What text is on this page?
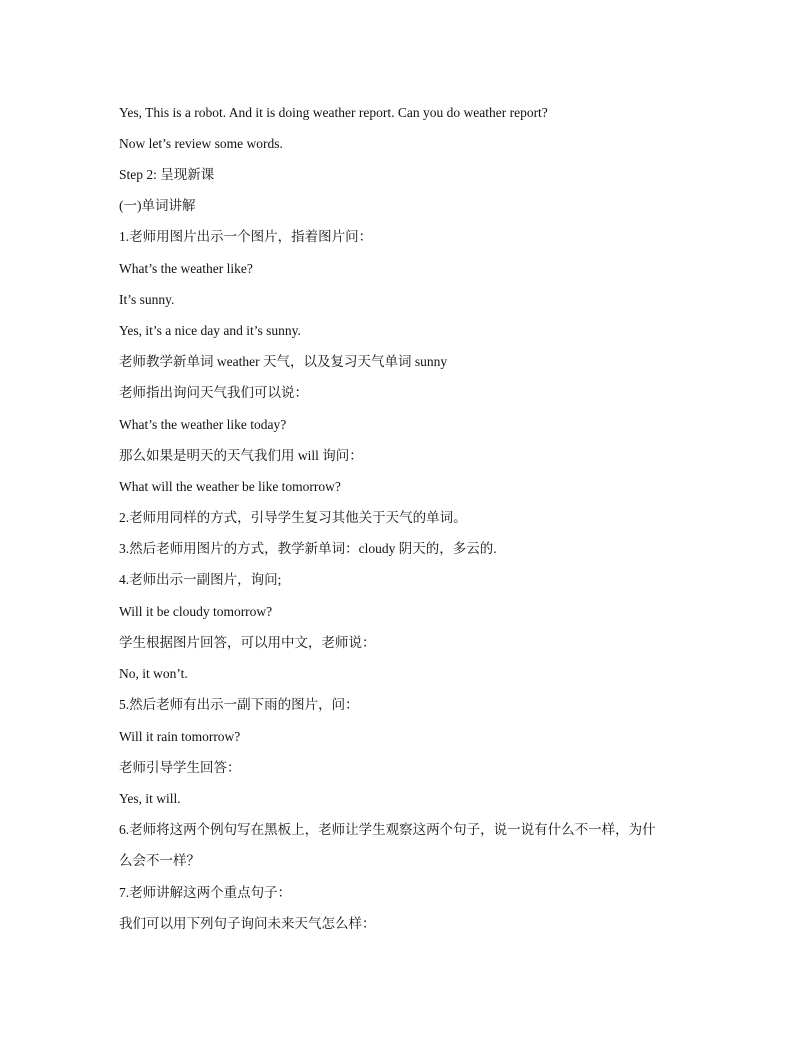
Yes, This is a robot. And it is doing weather report. Can you do weather report?
Now let’s review some words.
Step 2: 呈现新课
(一)单词讲解
1.老师用图片出示一个图片，指着图片问：
What’s the weather like?
It’s sunny.
Yes, it’s a nice day and it’s sunny.
老师教学新单词 weather 天气，以及复习天气单词 sunny
老师指出询问天气我们可以说：
What’s the weather like today?
那么如果是明天的天气我们用 will 询问：
What will the weather be like tomorrow?
2.老师用同样的方式，引导学生复习其他关于天气的单词。
3.然后老师用图片的方式，教学新单词：cloudy 阴天的，多云的.
4.老师出示一副图片，询问;
Will it be cloudy tomorrow?
学生根据图片回答，可以用中文，老师说：
No, it won’t.
5.然后老师有出示一副下雨的图片，问：
Will it rain tomorrow?
老师引导学生回答：
Yes, it will.
6.老师将这两个例句写在黑板上，老师让学生观察这两个句子，说一说有什么不一样，为什
么会不一样？
7.老师讲解这两个重点句子：
我们可以用下列句子询问未来天气怎么样：
